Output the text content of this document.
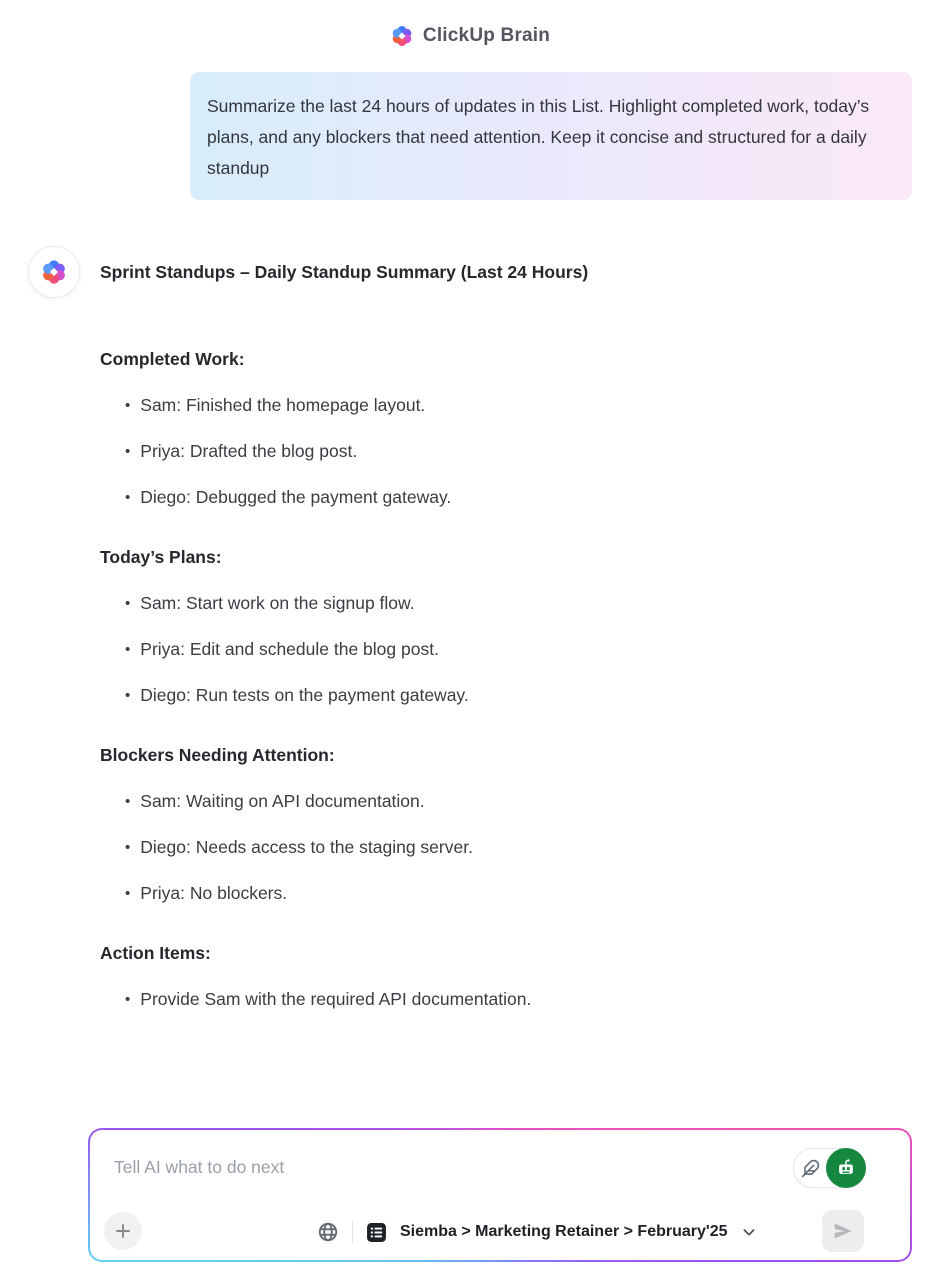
ClickUp Brain
Summarize the last 24 hours of updates in this List. Highlight completed work, today’s plans, and any blockers that need attention. Keep it concise and structured for a daily standup
Sprint Standups – Daily Standup Summary (Last 24 Hours)
Completed Work:
• Sam: Finished the homepage layout.
• Priya: Drafted the blog post.
• Diego: Debugged the payment gateway.
Today’s Plans:
• Sam: Start work on the signup flow.
• Priya: Edit and schedule the blog post.
• Diego: Run tests on the payment gateway.
Blockers Needing Attention:
• Sam: Waiting on API documentation.
• Diego: Needs access to the staging server.
• Priya: No blockers.
Action Items:
• Provide Sam with the required API documentation.
Tell AI what to do next
Siemba > Marketing Retainer > February'25
